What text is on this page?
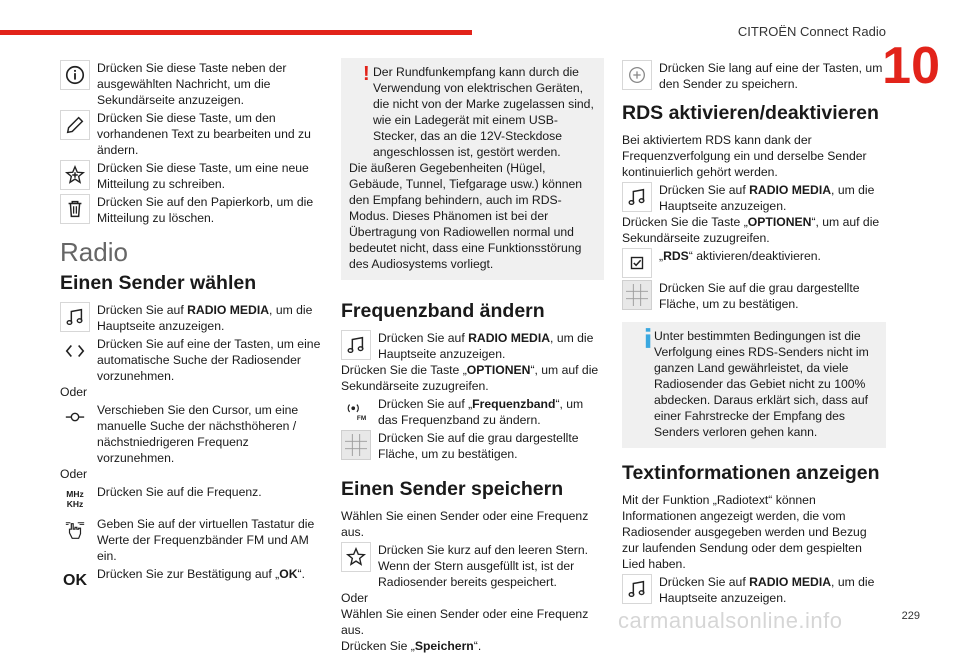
CITROËN Connect Radio
10
Drücken Sie diese Taste neben der ausgewählten Nachricht, um die Sekundärseite anzuzeigen.
Drücken Sie diese Taste, um den vorhandenen Text zu bearbeiten und zu ändern.
Drücken Sie diese Taste, um eine neue Mitteilung zu schreiben.
Drücken Sie auf den Papierkorb, um die Mitteilung zu löschen.
Radio
Einen Sender wählen
Drücken Sie auf RADIO MEDIA, um die Hauptseite anzuzeigen.
Drücken Sie auf eine der Tasten, um eine automatische Suche der Radiosender vorzunehmen.

Oder

Verschieben Sie den Cursor, um eine manuelle Suche der nächsthöheren / nächstniedrigeren Frequenz vorzunehmen.

Oder

MHz
KHz
Drücken Sie auf die Frequenz.
Geben Sie auf der virtuellen Tastatur die Werte der Frequenzbänder FM und AM ein.
OK Drücken Sie zur Bestätigung auf „OK“.
! Der Rundfunkempfang kann durch die Verwendung von elektrischen Geräten, die nicht von der Marke zugelassen sind, wie ein Ladegerät mit einem USB-Stecker, das an die 12V-Steckdose angeschlossen ist, gestört werden.

Die äußeren Gegebenheiten (Hügel, Gebäude, Tunnel, Tiefgarage usw.) können den Empfang behindern, auch im RDS-Modus. Dieses Phänomen ist bei der Übertragung von Radiowellen normal und bedeutet nicht, dass eine Funktionsstörung des Audiosystems vorliegt.

Frequenzband ändern
Drücken Sie auf RADIO MEDIA, um die Hauptseite anzuzeigen.

Drücken Sie die Taste „OPTIONEN“, um auf die Sekundärseite zuzugreifen.

FM
Drücken Sie auf „Frequenzband“, um das Frequenzband zu ändern.
Drücken Sie auf die grau dargestellte Fläche, um zu bestätigen.
Einen Sender speichern

Wählen Sie einen Sender oder eine Frequenz aus.

Drücken Sie kurz auf den leeren Stern. Wenn der Stern ausgefüllt ist, ist der Radiosender bereits gespeichert.

Oder

Wählen Sie einen Sender oder eine Frequenz aus.

Drücken Sie „Speichern“.

Drücken Sie lang auf eine der Tasten, um den Sender zu speichern.
RDS aktivieren/deaktivieren

Bei aktiviertem RDS kann dank der Frequenzverfolgung ein und derselbe Sender kontinuierlich gehört werden.

Drücken Sie auf RADIO MEDIA, um die Hauptseite anzuzeigen.

Drücken Sie die Taste „OPTIONEN“, um auf die Sekundärseite zuzugreifen.

„RDS“ aktivieren/deaktivieren.
Drücken Sie auf die grau dargestellte Fläche, um zu bestätigen.

Unter bestimmten Bedingungen ist die Verfolgung eines RDS-Senders nicht im ganzen Land gewährleistet, da viele Radiosender das Gebiet nicht zu 100% abdecken. Daraus erklärt sich, dass auf einer Fahrstrecke der Empfang des Senders verloren gehen kann.

Textinformationen anzeigen

Mit der Funktion „Radiotext“ können Informationen angezeigt werden, die vom Radiosender ausgegeben werden und Bezug zur laufenden Sendung oder dem gespielten Lied haben.

Drücken Sie auf RADIO MEDIA, um die Hauptseite anzuzeigen.
carmanualsonline.info	229
